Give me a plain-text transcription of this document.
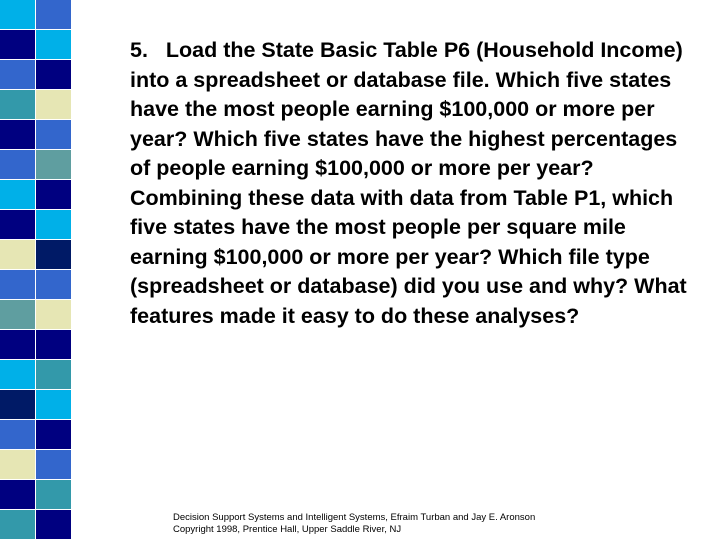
5. Load the State Basic Table P6 (Household Income) into a spreadsheet or database file. Which five states have the most people earning $100,000 or more per year? Which five states have the highest percentages of people earning $100,000 or more per year? Combining these data with data from Table P1, which five states have the most people per square mile earning $100,000 or more per year? Which file type (spreadsheet or database) did you use and why? What features made it easy to do these analyses?
Decision Support Systems and Intelligent Systems, Efraim Turban and Jay E. Aronson
Copyright 1998, Prentice Hall, Upper Saddle River, NJ
